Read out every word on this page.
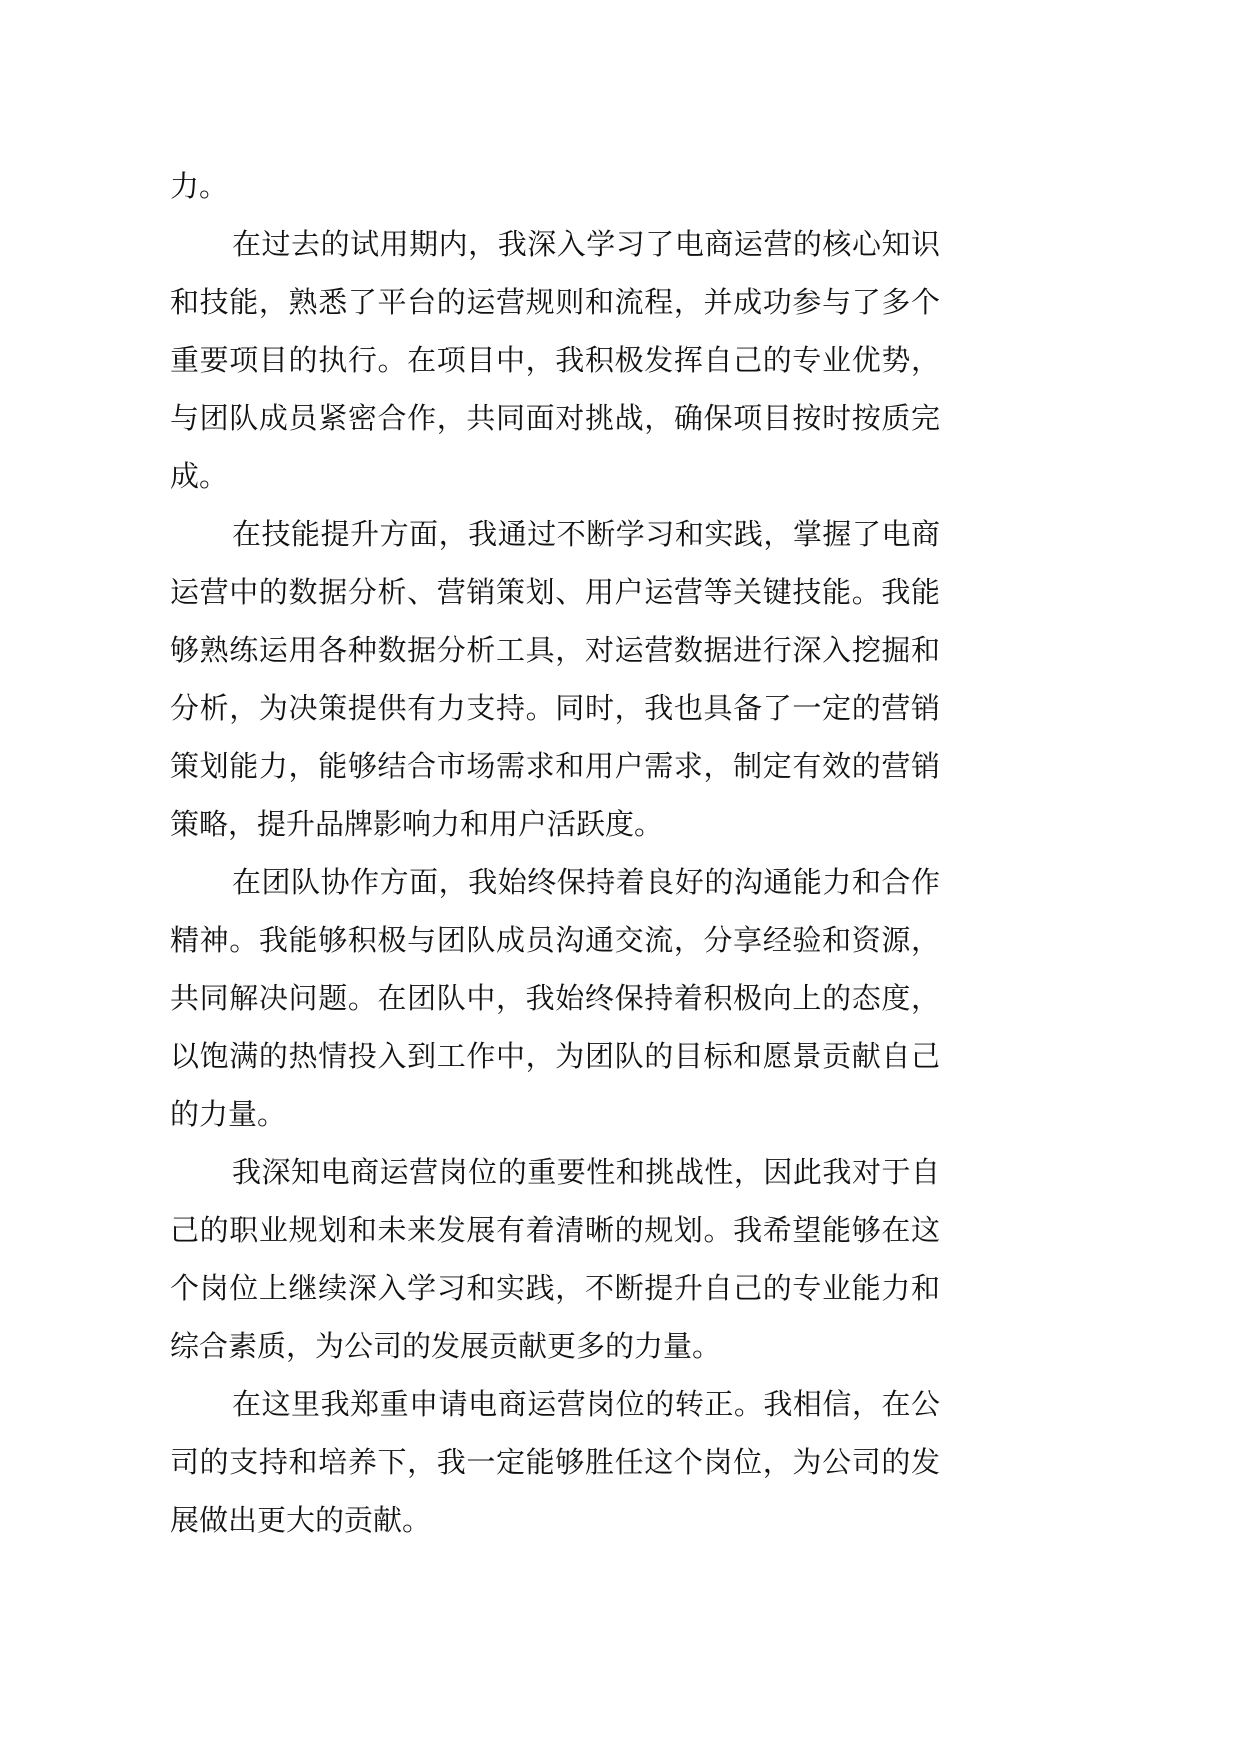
力。
在过去的试用期内，我深入学习了电商运营的核心知识
和技能，熟悉了平台的运营规则和流程，并成功参与了多个
重要项目的执行。在项目中，我积极发挥自己的专业优势，
与团队成员紧密合作，共同面对挑战，确保项目按时按质完
成。
在技能提升方面，我通过不断学习和实践，掌握了电商
运营中的数据分析、营销策划、用户运营等关键技能。我能
够熟练运用各种数据分析工具，对运营数据进行深入挖掘和
分析，为决策提供有力支持。同时，我也具备了一定的营销
策划能力，能够结合市场需求和用户需求，制定有效的营销
策略，提升品牌影响力和用户活跃度。
在团队协作方面，我始终保持着良好的沟通能力和合作
精神。我能够积极与团队成员沟通交流，分享经验和资源，
共同解决问题。在团队中，我始终保持着积极向上的态度，
以饱满的热情投入到工作中，为团队的目标和愿景贡献自己
的力量。
我深知电商运营岗位的重要性和挑战性，因此我对于自
己的职业规划和未来发展有着清晰的规划。我希望能够在这
个岗位上继续深入学习和实践，不断提升自己的专业能力和
综合素质，为公司的发展贡献更多的力量。
在这里我郑重申请电商运营岗位的转正。我相信，在公
司的支持和培养下，我一定能够胜任这个岗位，为公司的发
展做出更大的贡献。
